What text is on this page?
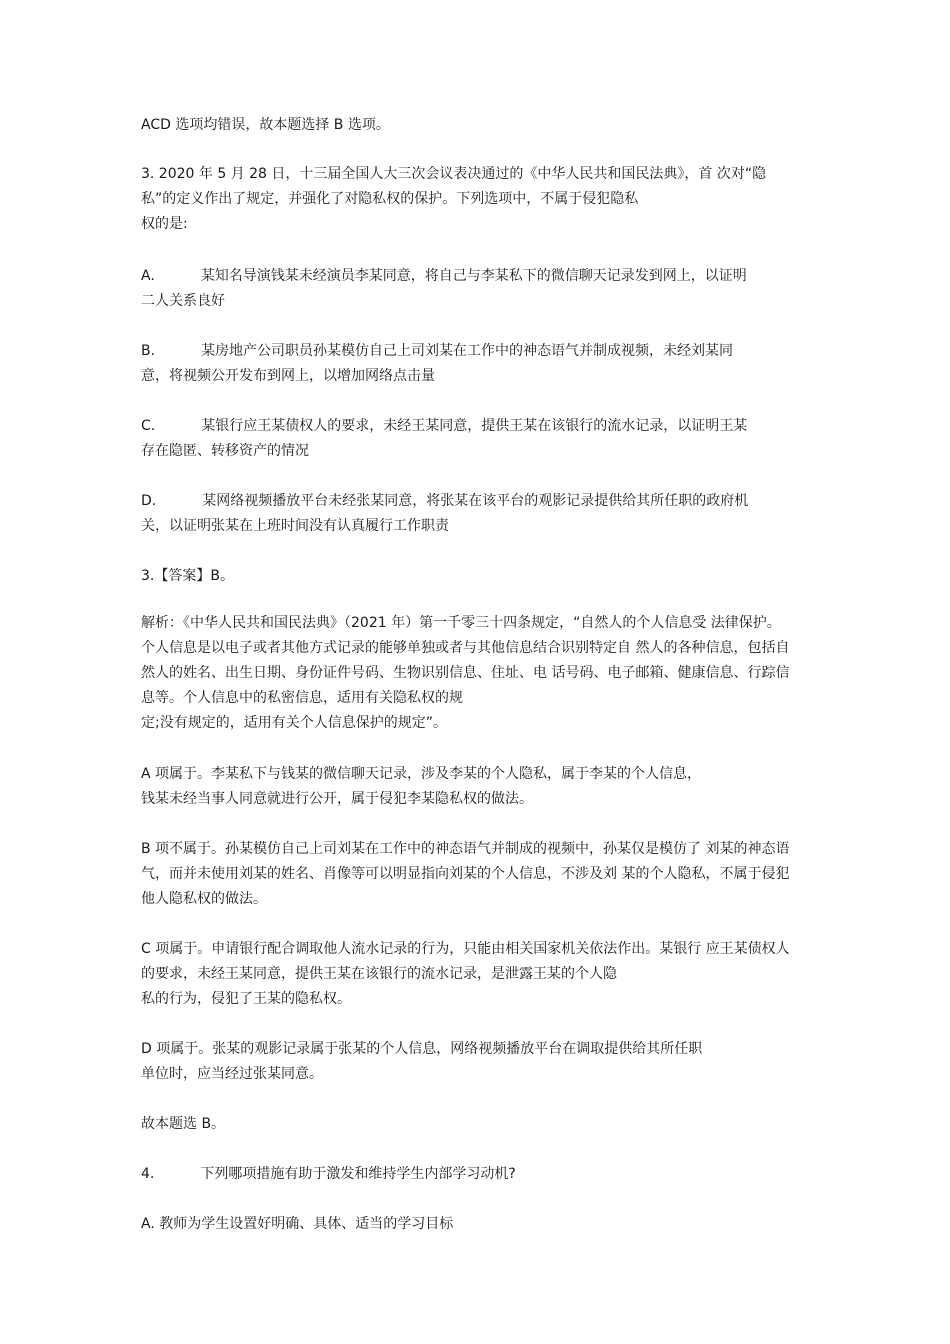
ACD 选项均错误，故本题选择 B 选项。
3. 2020 年 5 月 28 日，十三届全国人大三次会议表决通过的《中华人民共和国民法典》，首 次对“隐
私”的定义作出了规定，并强化了对隐私权的保护。下列选项中，不属于侵犯隐私
权的是:
A.	某知名导演钱某未经演员李某同意，将自己与李某私下的微信聊天记录发到网上，以证明
二人关系良好
B.	某房地产公司职员孙某模仿自己上司刘某在工作中的神态语气并制成视频，未经刘某同
意，将视频公开发布到网上，以增加网络点击量
C.	某银行应王某债权人的要求，未经王某同意，提供王某在该银行的流水记录，以证明王某
存在隐匿、转移资产的情况
D.	某网络视频播放平台未经张某同意，将张某在该平台的观影记录提供给其所任职的政府机
关，以证明张某在上班时间没有认真履行工作职责
3.【答案】B。
解析：《中华人民共和国民法典》（2021 年）第一千零三十四条规定，“自然人的个人信息受 法律保护。
个人信息是以电子或者其他方式记录的能够单独或者与其他信息结合识别特定自 然人的各种信息，包括自
然人的姓名、出生日期、身份证件号码、生物识别信息、住址、电 话号码、电子邮箱、健康信息、行踪信
息等。个人信息中的私密信息，适用有关隐私权的规
定;没有规定的，适用有关个人信息保护的规定”。
A 项属于。李某私下与钱某的微信聊天记录，涉及李某的个人隐私，属于李某的个人信息，
钱某未经当事人同意就进行公开，属于侵犯李某隐私权的做法。
B 项不属于。孙某模仿自己上司刘某在工作中的神态语气并制成的视频中，孙某仅是模仿了 刘某的神态语
气，而并未使用刘某的姓名、肖像等可以明显指向刘某的个人信息，不涉及刘 某的个人隐私，不属于侵犯
他人隐私权的做法。
C 项属于。申请银行配合调取他人流水记录的行为，只能由相关国家机关依法作出。某银行 应王某债权人
的要求，未经王某同意，提供王某在该银行的流水记录，是泄露王某的个人隐
私的行为，侵犯了王某的隐私权。
D 项属于。张某的观影记录属于张某的个人信息，网络视频播放平台在调取提供给其所任职
单位时，应当经过张某同意。
故本题选 B。
4.	下列哪项措施有助于激发和维持学生内部学习动机?
A. 教师为学生设置好明确、具体、适当的学习目标
